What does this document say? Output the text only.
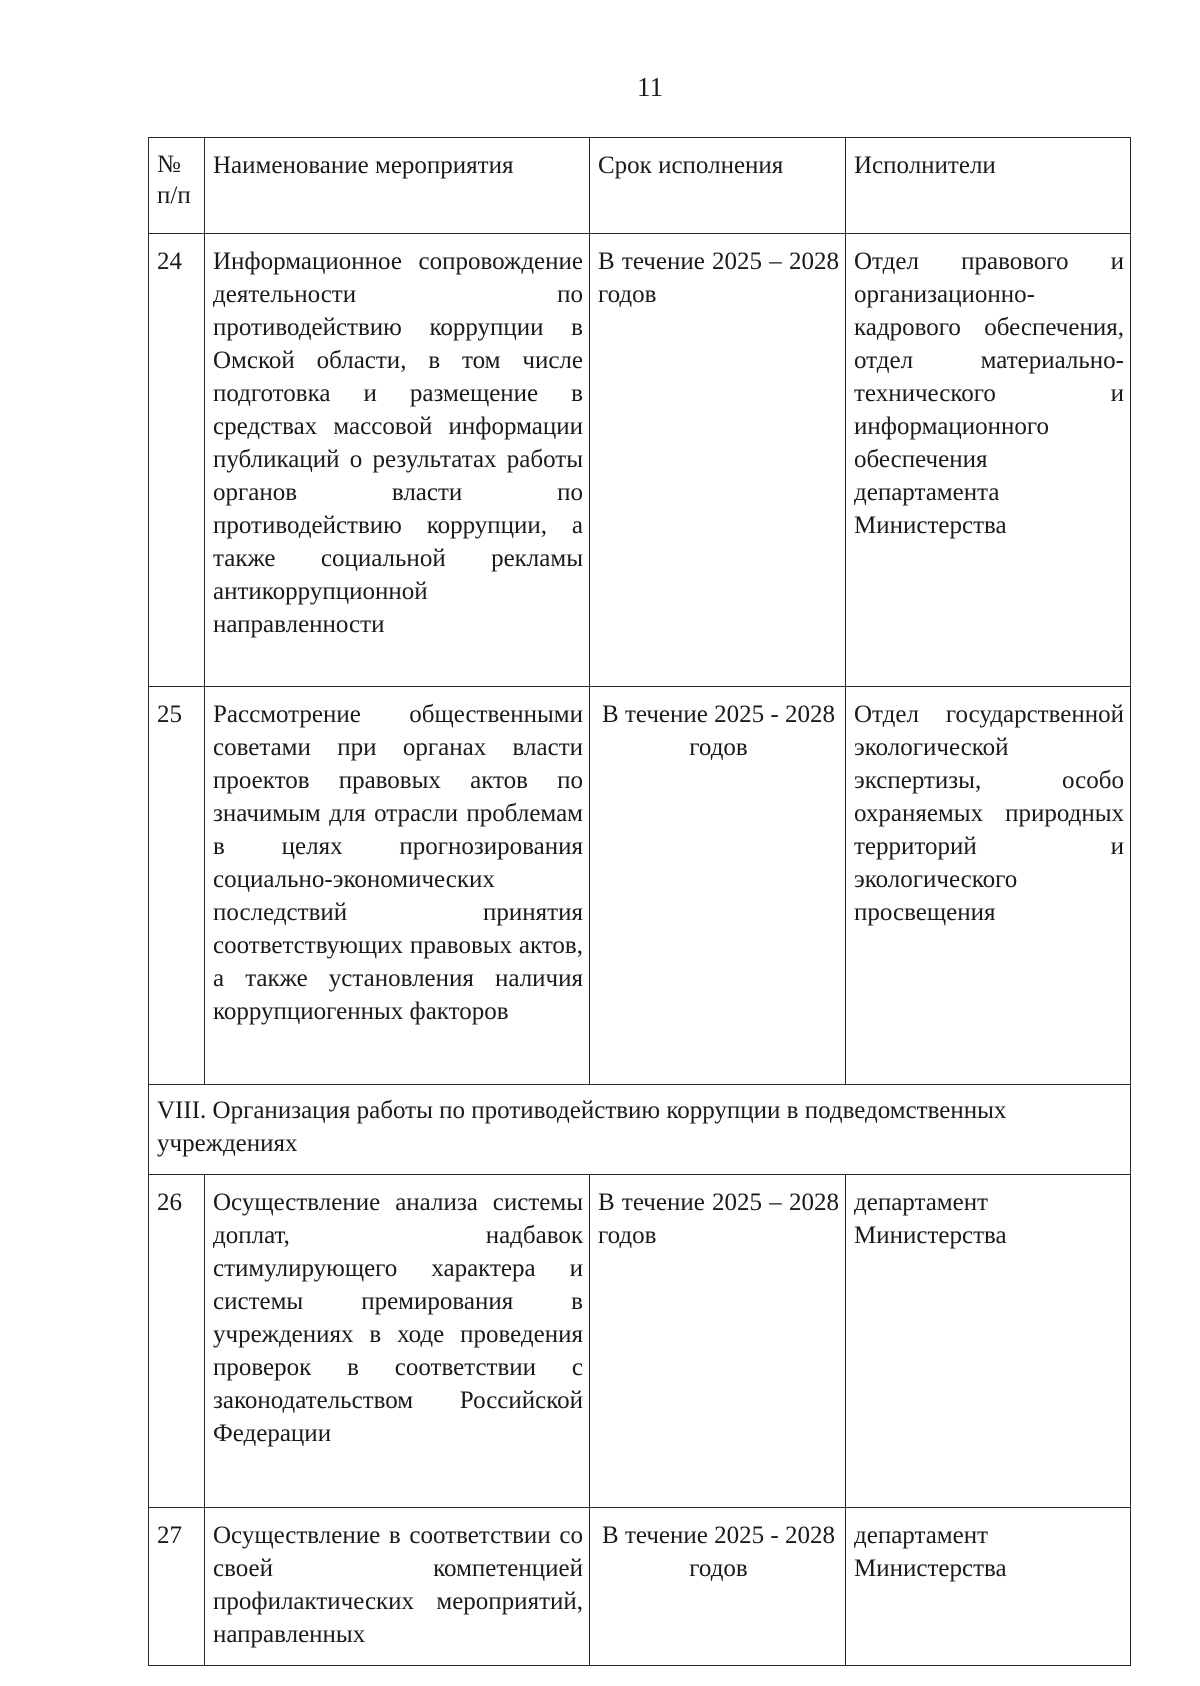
11
№ п/п	Наименование мероприятия	Срок исполнения	Исполнители
24	Информационное сопровождение деятельности по противодействию коррупции в Омской области, в том числе подготовка и размещение в средствах массовой информации публикаций о результатах работы органов власти по противодействию коррупции, а также социальной рекламы антикоррупционной направленности	В течение 2025 – 2028 годов	Отдел правового и организационно-кадрового обеспечения, отдел материально-технического и информационного обеспечения департамента Министерства
25	Рассмотрение общественными советами при органах власти проектов правовых актов по значимым для отрасли проблемам в целях прогнозирования социально-экономических последствий принятия соответствующих правовых актов, а также установления наличия коррупциогенных факторов	В течение 2025 - 2028 годов	Отдел государственной экологической экспертизы, особо охраняемых природных территорий и экологического просвещения
VIII. Организация работы по противодействию коррупции в подведомственных учреждениях			
26	Осуществление анализа системы доплат, надбавок стимулирующего характера и системы премирования в учреждениях в ходе проведения проверок в соответствии с законодательством Российской Федерации	В течение 2025 – 2028 годов	департамент Министерства
27	Осуществление в соответствии со своей компетенцией профилактических мероприятий, направленных	В течение 2025 - 2028 годов	департамент Министерства
